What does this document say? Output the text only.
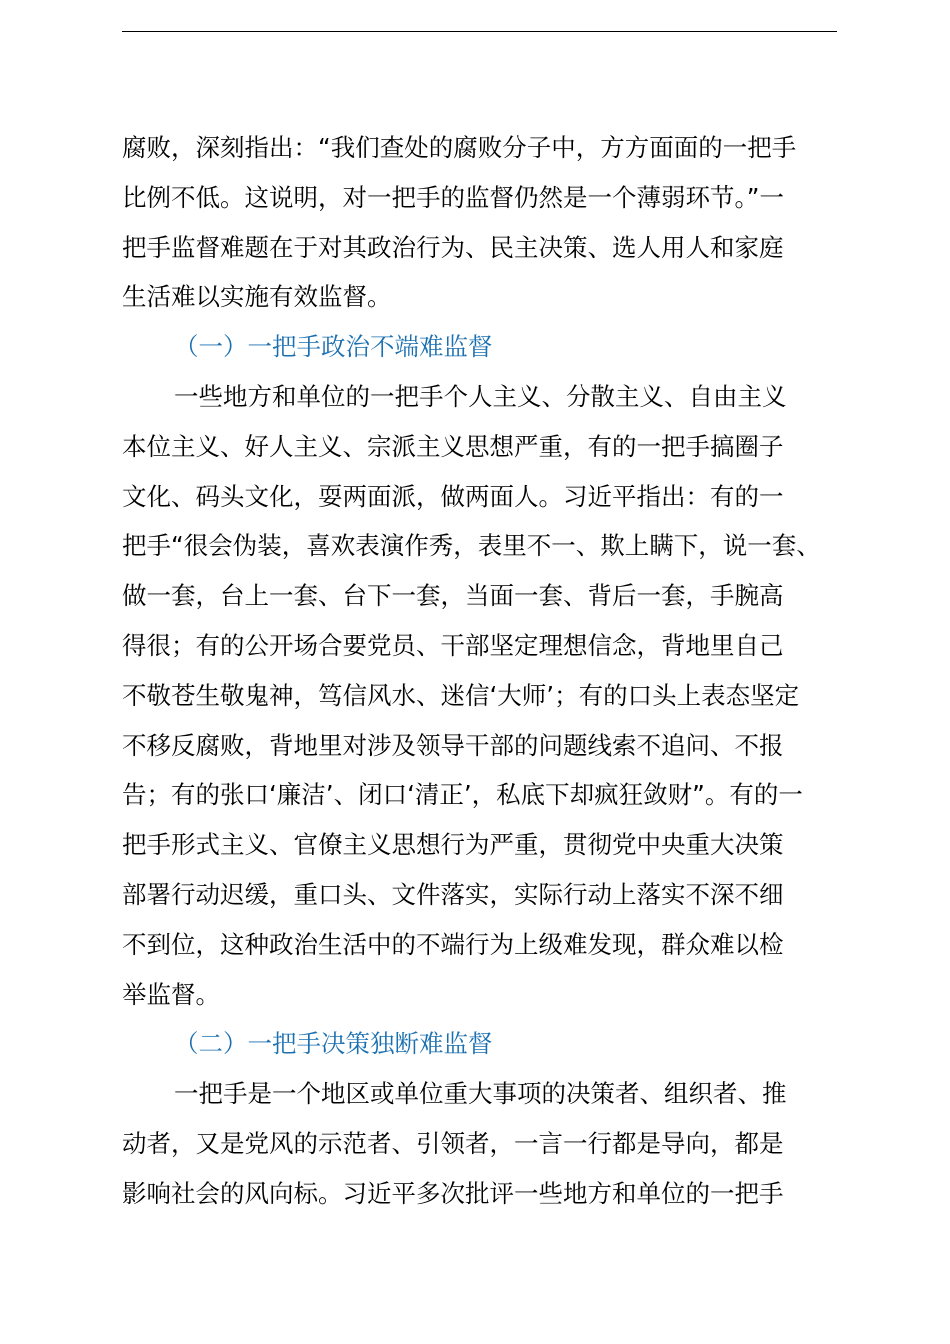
腐败，深刻指出：“我们查处的腐败分子中，方方面面的一把手
比例不低。这说明，对一把手的监督仍然是一个薄弱环节。”一
把手监督难题在于对其政治行为、民主决策、选人用人和家庭
生活难以实施有效监督。
（一）一把手政治不端难监督
一些地方和单位的一把手个人主义、分散主义、自由主义
本位主义、好人主义、宗派主义思想严重，有的一把手搞圈子
文化、码头文化，耍两面派，做两面人。习近平指出：有的一
把手“很会伪装，喜欢表演作秀，表里不一、欺上瞒下，说一套、
做一套，台上一套、台下一套，当面一套、背后一套，手腕高
得很；有的公开场合要党员、干部坚定理想信念，背地里自己
不敬苍生敬鬼神，笃信风水、迷信‘大师’；有的口头上表态坚定
不移反腐败，背地里对涉及领导干部的问题线索不追问、不报
告；有的张口‘廉洁’、闭口‘清正’，私底下却疯狂敛财”。有的一
把手形式主义、官僚主义思想行为严重，贯彻党中央重大决策
部署行动迟缓，重口头、文件落实，实际行动上落实不深不细
不到位，这种政治生活中的不端行为上级难发现，群众难以检
举监督。
（二）一把手决策独断难监督
一把手是一个地区或单位重大事项的决策者、组织者、推
动者，又是党风的示范者、引领者，一言一行都是导向，都是
影响社会的风向标。习近平多次批评一些地方和单位的一把手
